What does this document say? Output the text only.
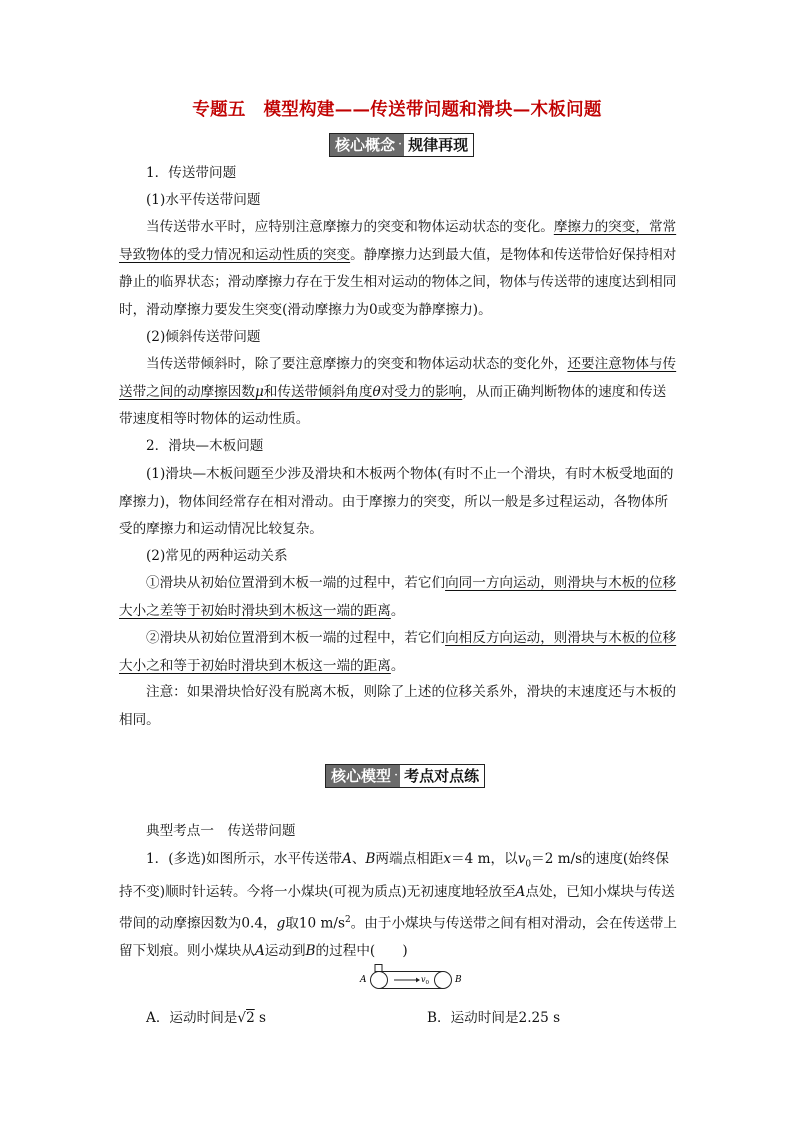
专题五　模型构建——传送带问题和滑块—木板问题
核心概念 · 规律再现
1．传送带问题
(1)水平传送带问题
当传送带水平时，应特别注意摩擦力的突变和物体运动状态的变化。摩擦力的突变，常常导致物体的受力情况和运动性质的突变。静摩擦力达到最大值，是物体和传送带恰好保持相对静止的临界状态；滑动摩擦力存在于发生相对运动的物体之间，物体与传送带的速度达到相同时，滑动摩擦力要发生突变(滑动摩擦力为0或变为静摩擦力)。
(2)倾斜传送带问题
当传送带倾斜时，除了要注意摩擦力的突变和物体运动状态的变化外，还要注意物体与传送带之间的动摩擦因数μ和传送带倾斜角度θ对受力的影响，从而正确判断物体的速度和传送带速度相等时物体的运动性质。
2．滑块—木板问题
(1)滑块—木板问题至少涉及滑块和木板两个物体(有时不止一个滑块，有时木板受地面的摩擦力)，物体间经常存在相对滑动。由于摩擦力的突变，所以一般是多过程运动，各物体所受的摩擦力和运动情况比较复杂。
(2)常见的两种运动关系
①滑块从初始位置滑到木板一端的过程中，若它们向同一方向运动，则滑块与木板的位移大小之差等于初始时滑块到木板这一端的距离。
②滑块从初始位置滑到木板一端的过程中，若它们向相反方向运动，则滑块与木板的位移大小之和等于初始时滑块到木板这一端的距离。
注意：如果滑块恰好没有脱离木板，则除了上述的位移关系外，滑块的末速度还与木板的相同。
核心模型 · 考点对点练
典型考点一　传送带问题
1．(多选)如图所示，水平传送带A、B两端点相距x＝4 m，以$v_0=2$ m/s的速度(始终保持不变)顺时针运转。今将一小煤块(可视为质点)无初速度地轻放至A点处，已知小煤块与传送带间的动摩擦因数为0.4，g取10 $m/s^2$。由于小煤块与传送带之间有相对滑动，会在传送带上留下划痕。则小煤块从A运动到B的过程中(　　)
A	B
$v_0$
A．运动时间是√2 s	B．运动时间是2.25 s
